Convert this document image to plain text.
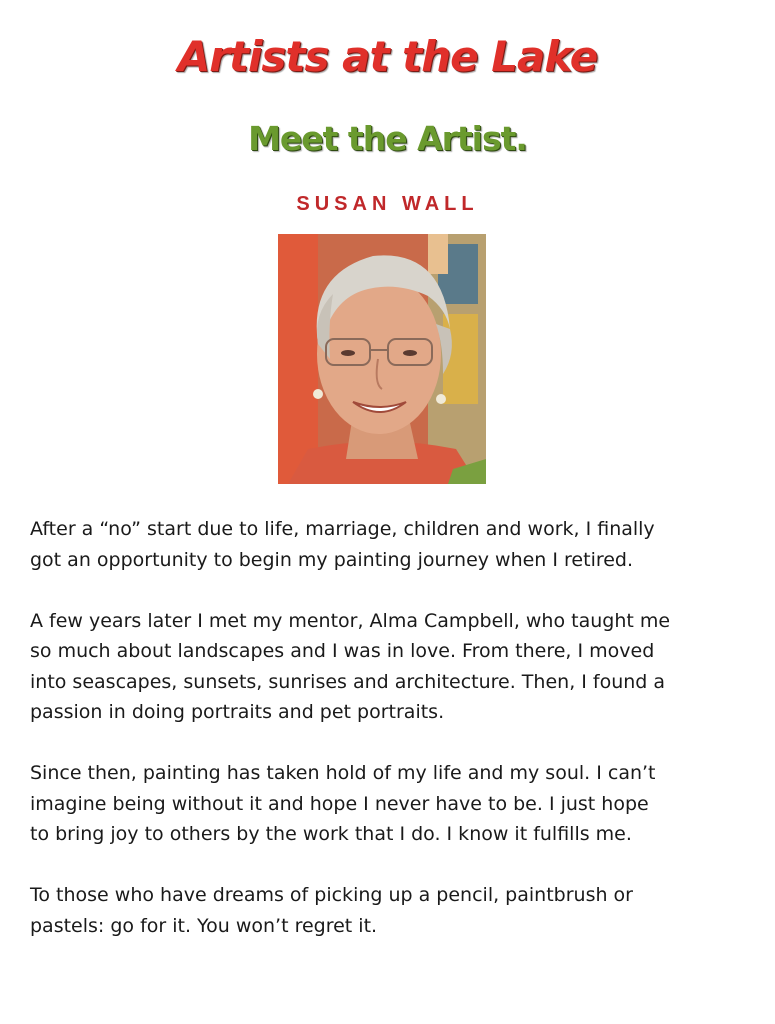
Artists at the Lake
Meet the Artist.
SUSAN WALL

After a “no” start due to life, marriage, children and work, I finally
got an opportunity to begin my painting journey when I retired.

A few years later I met my mentor, Alma Campbell, who taught me
so much about landscapes and I was in love. From there, I moved
into seascapes, sunsets, sunrises and architecture. Then, I found a
passion in doing portraits and pet portraits.

Since then, painting has taken hold of my life and my soul. I can’t
imagine being without it and hope I never have to be. I just hope
to bring joy to others by the work that I do. I know it fulfills me.

To those who have dreams of picking up a pencil, paintbrush or
pastels: go for it. You won’t regret it.
